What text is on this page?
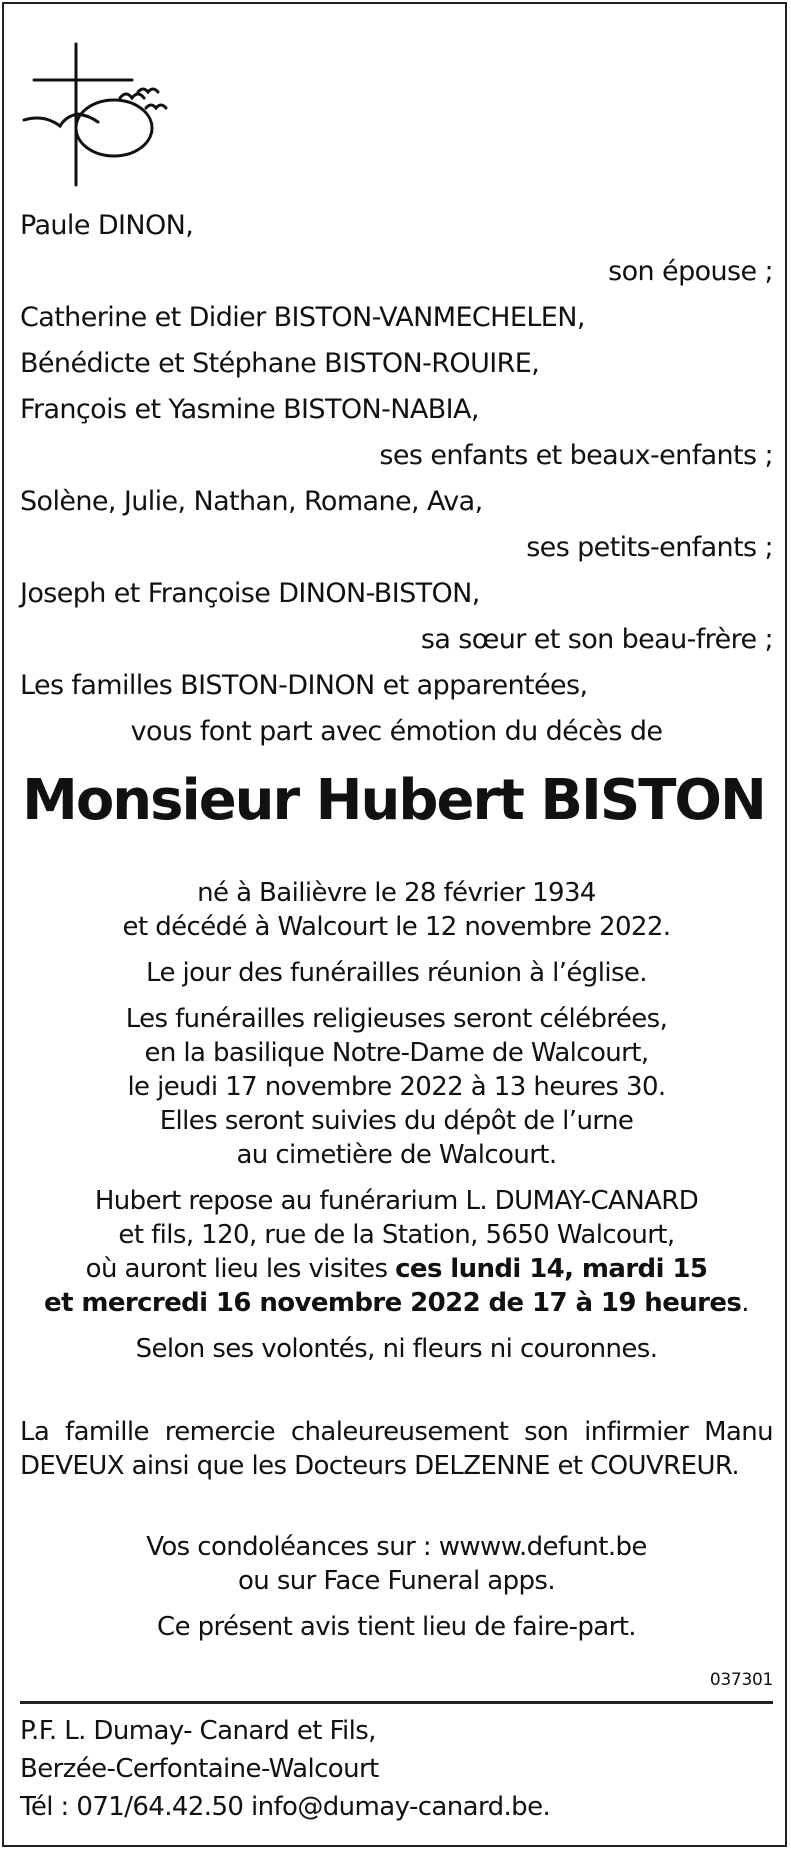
Paule DINON,
son épouse ;
Catherine et Didier BISTON-VANMECHELEN,
Bénédicte et Stéphane BISTON-ROUIRE,
François et Yasmine BISTON-NABIA,
ses enfants et beaux-enfants ;
Solène, Julie, Nathan, Romane, Ava,
ses petits-enfants ;
Joseph et Françoise DINON-BISTON,
sa sœur et son beau-frère ;
Les familles BISTON-DINON et apparentées,
vous font part avec émotion du décès de
Monsieur Hubert BISTON
né à Bailièvre le 28 février 1934
et décédé à Walcourt le 12 novembre 2022.
Le jour des funérailles réunion à l’église.
Les funérailles religieuses seront célébrées,
en la basilique Notre-Dame de Walcourt,
le jeudi 17 novembre 2022 à 13 heures 30.
Elles seront suivies du dépôt de l’urne
au cimetière de Walcourt.
Hubert repose au funérarium L. DUMAY-CANARD
et fils, 120, rue de la Station, 5650 Walcourt,
où auront lieu les visites ces lundi 14, mardi 15
et mercredi 16 novembre 2022 de 17 à 19 heures.
Selon ses volontés, ni fleurs ni couronnes.
La famille remercie chaleureusement son infirmier Manu DEVEUX ainsi que les Docteurs DELZENNE et COUVREUR.
Vos condoléances sur : wwww.defunt.be
ou sur Face Funeral apps.
Ce présent avis tient lieu de faire-part.
037301
P.F. L. Dumay- Canard et Fils,
Berzée-Cerfontaine-Walcourt
Tél : 071/64.42.50 info@dumay-canard.be.
